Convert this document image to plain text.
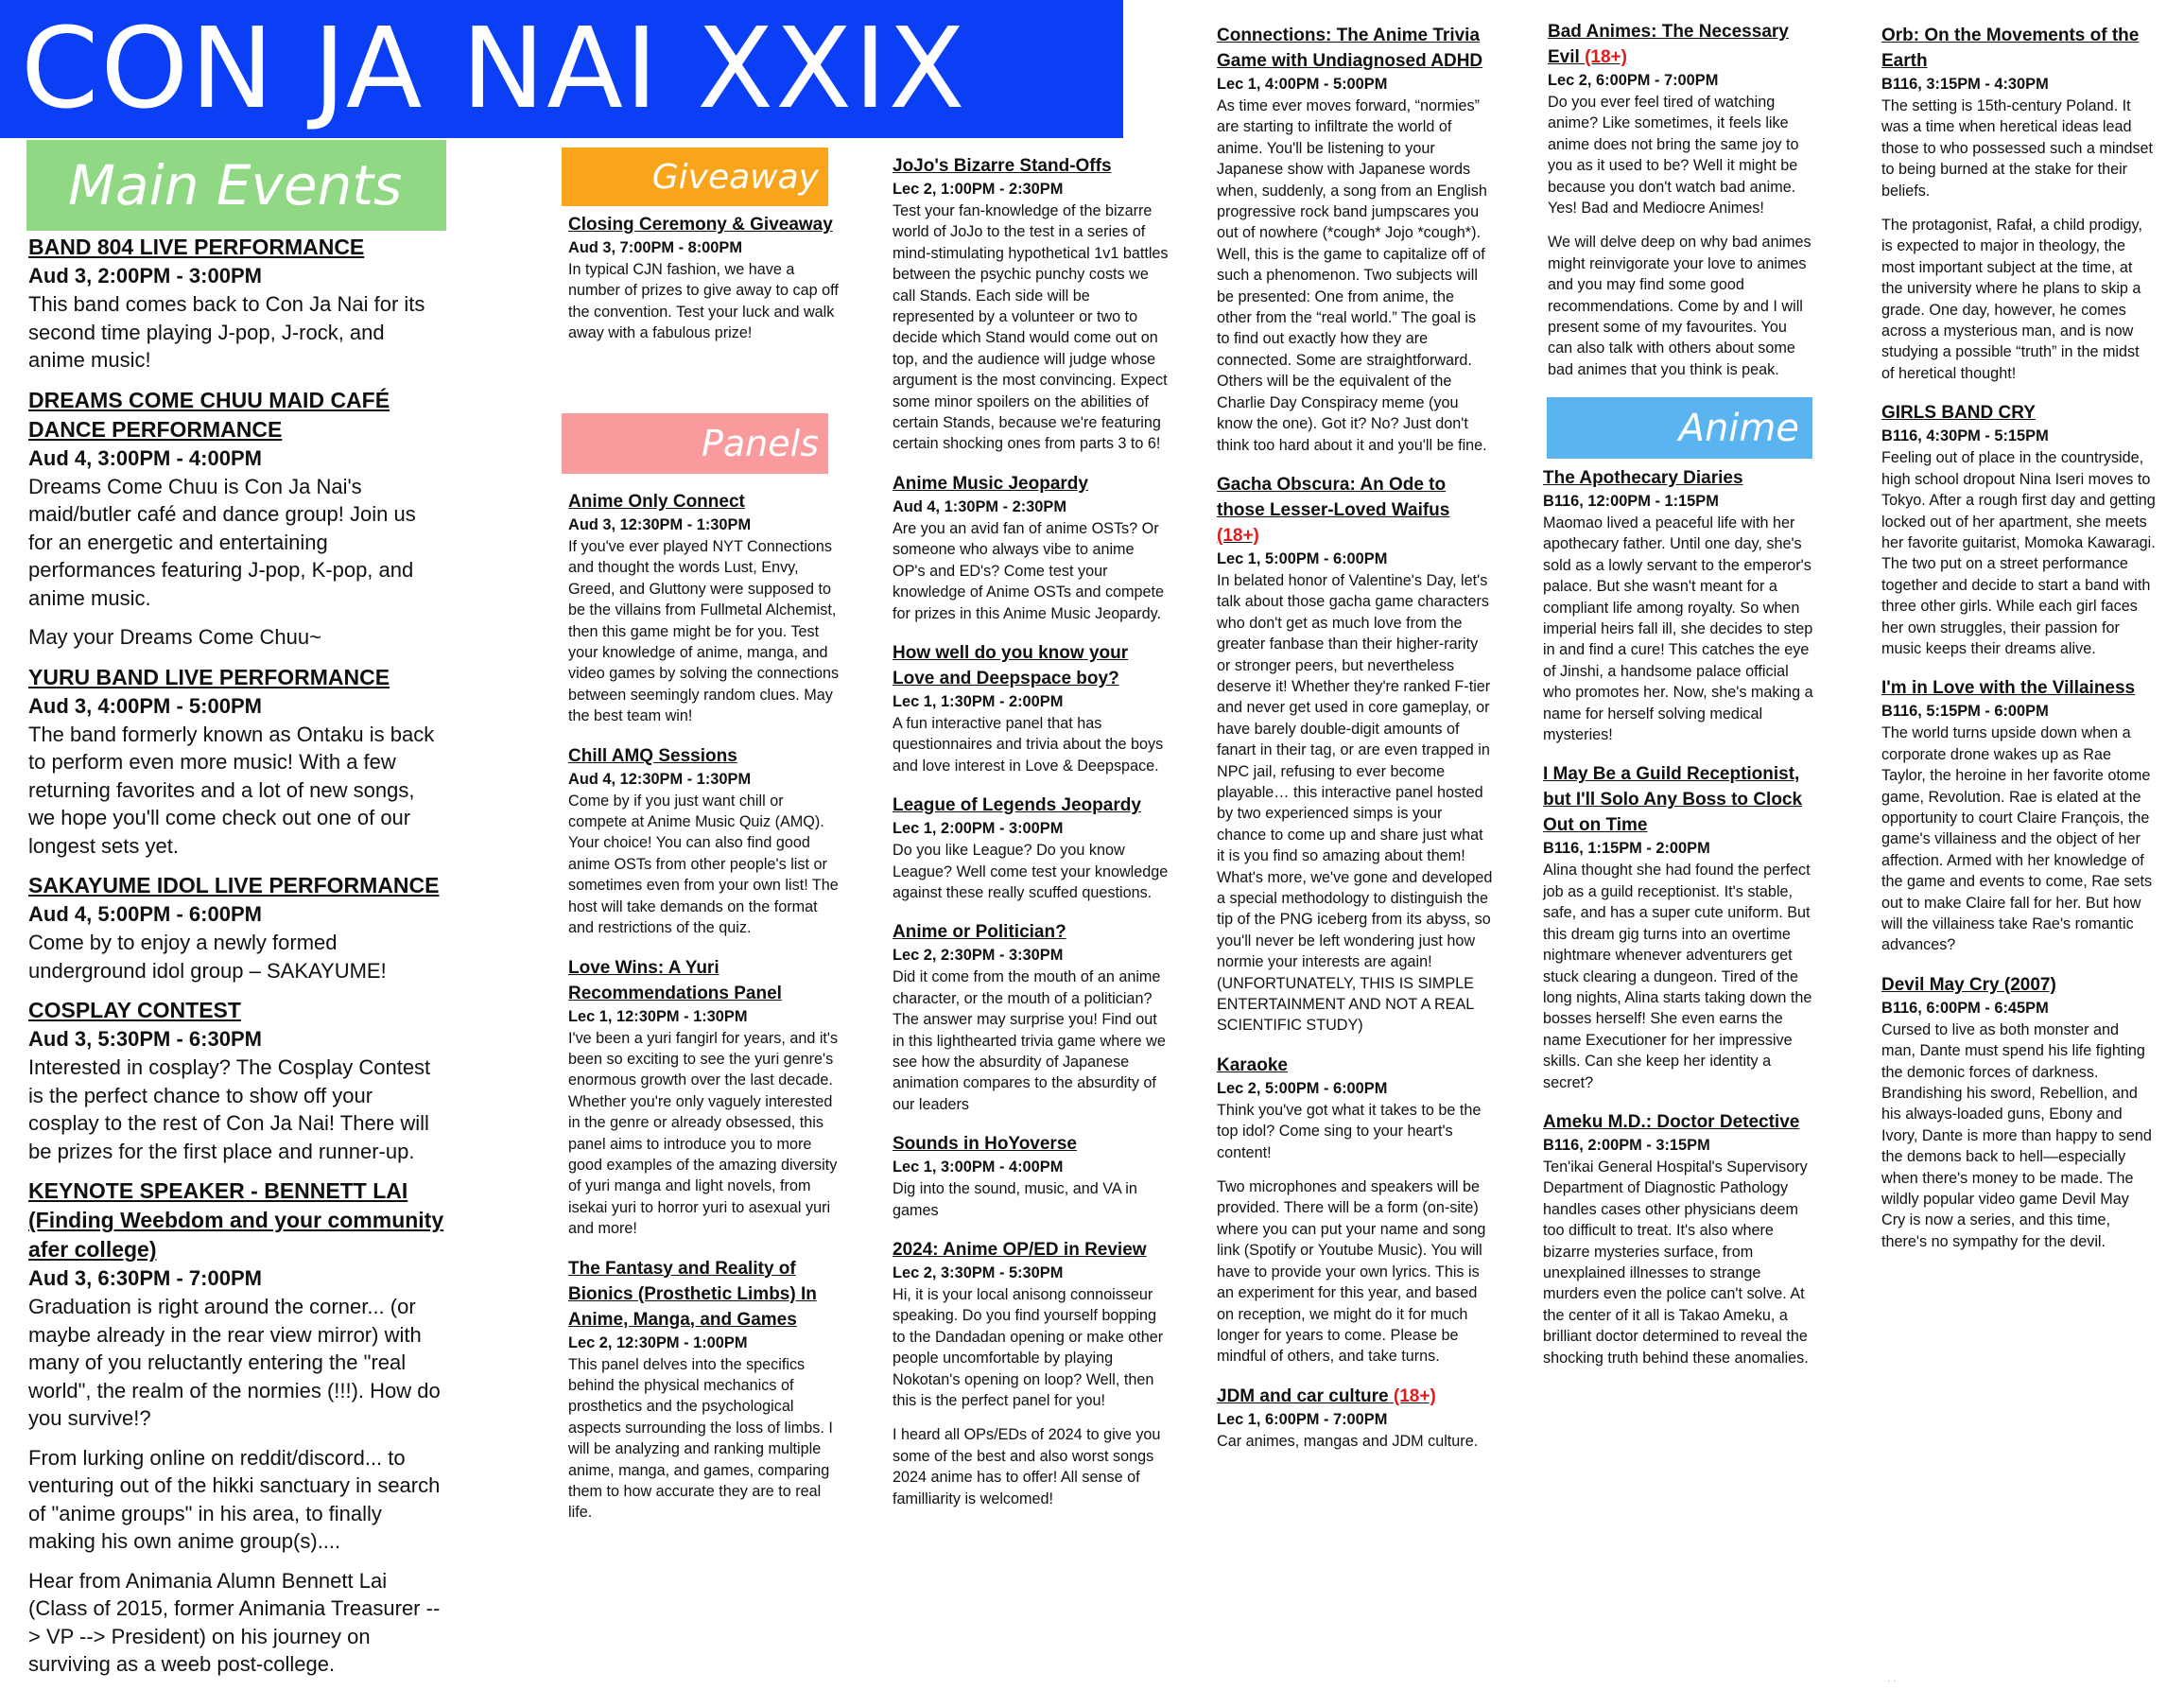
CON JA NAI XXIX
Main Events	Giveaway
Panels	Anime
BAND 804 LIVE PERFORMANCE
Aud 3, 2:00PM - 3:00PM

This band comes back to Con Ja Nai for its second time playing J-pop, J-rock, and anime music!

DREAMS COME CHUU MAID CAFÉ DANCE PERFORMANCE
Aud 4, 3:00PM - 4:00PM

Dreams Come Chuu is Con Ja Nai's maid/butler café and dance group! Join us for an energetic and entertaining performances featuring J-pop, K-pop, and anime music.

May your Dreams Come Chuu~

YURU BAND LIVE PERFORMANCE
Aud 3, 4:00PM - 5:00PM

The band formerly known as Ontaku is back to perform even more music! With a few returning favorites and a lot of new songs, we hope you'll come check out one of our longest sets yet.

SAKAYUME IDOL LIVE PERFORMANCE
Aud 4, 5:00PM - 6:00PM

Come by to enjoy a newly formed underground idol group – SAKAYUME!

COSPLAY CONTEST
Aud 3, 5:30PM - 6:30PM

Interested in cosplay? The Cosplay Contest is the perfect chance to show off your cosplay to the rest of Con Ja Nai! There will be prizes for the first place and runner-up.

KEYNOTE SPEAKER - BENNETT LAI (Finding Weebdom and your community afer college)
Aud 3, 6:30PM - 7:00PM

Graduation is right around the corner... (or maybe already in the rear view mirror) with many of you reluctantly entering the "real world", the realm of the normies (!!!). How do you survive!?

From lurking online on reddit/discord... to venturing out of the hikki sanctuary in search of "anime groups" in his area, to finally making his own anime group(s)....

Hear from Animania Alumn Bennett Lai (Class of 2015, former Animania Treasurer --> VP --> President) on his journey on surviving as a weeb post-college.

Closing Ceremony & Giveaway
Aud 3, 7:00PM - 8:00PM

In typical CJN fashion, we have a number of prizes to give away to cap off the convention. Test your luck and walk away with a fabulous prize!

Anime Only Connect
Aud 3, 12:30PM - 1:30PM

If you've ever played NYT Connections and thought the words Lust, Envy, Greed, and Gluttony were supposed to be the villains from Fullmetal Alchemist, then this game might be for you. Test your knowledge of anime, manga, and video games by solving the connections between seemingly random clues. May the best team win!

Chill AMQ Sessions
Aud 4, 12:30PM - 1:30PM

Come by if you just want chill or compete at Anime Music Quiz (AMQ). Your choice! You can also find good anime OSTs from other people's list or sometimes even from your own list! The host will take demands on the format and restrictions of the quiz.

Love Wins: A Yuri Recommendations Panel
Lec 1, 12:30PM - 1:30PM

I've been a yuri fangirl for years, and it's been so exciting to see the yuri genre's enormous growth over the last decade. Whether you're only vaguely interested in the genre or already obsessed, this panel aims to introduce you to more good examples of the amazing diversity of yuri manga and light novels, from isekai yuri to horror yuri to asexual yuri and more!

The Fantasy and Reality of Bionics (Prosthetic Limbs) In Anime, Manga, and Games
Lec 2, 12:30PM - 1:00PM

This panel delves into the specifics behind the physical mechanics of prosthetics and the psychological aspects surrounding the loss of limbs. I will be analyzing and ranking multiple anime, manga, and games, comparing them to how accurate they are to real life.

JoJo's Bizarre Stand-Offs
Lec 2, 1:00PM - 2:30PM

Test your fan-knowledge of the bizarre world of JoJo to the test in a series of mind-stimulating hypothetical 1v1 battles between the psychic punchy costs we call Stands. Each side will be represented by a volunteer or two to decide which Stand would come out on top, and the audience will judge whose argument is the most convincing. Expect some minor spoilers on the abilities of certain Stands, because we're featuring certain shocking ones from parts 3 to 6!

Anime Music Jeopardy
Aud 4, 1:30PM - 2:30PM

Are you an avid fan of anime OSTs? Or someone who always vibe to anime OP's and ED's? Come test your knowledge of Anime OSTs and compete for prizes in this Anime Music Jeopardy.

How well do you know your Love and Deepspace boy?
Lec 1, 1:30PM - 2:00PM

A fun interactive panel that has questionnaires and trivia about the boys and love interest in Love & Deepspace.

League of Legends Jeopardy
Lec 1, 2:00PM - 3:00PM

Do you like League? Do you know League? Well come test your knowledge against these really scuffed questions.

Anime or Politician?
Lec 2, 2:30PM - 3:30PM

Did it come from the mouth of an anime character, or the mouth of a politician? The answer may surprise you! Find out in this lighthearted trivia game where we see how the absurdity of Japanese animation compares to the absurdity of our leaders

Sounds in HoYoverse
Lec 1, 3:00PM - 4:00PM

Dig into the sound, music, and VA in games

2024: Anime OP/ED in Review
Lec 2, 3:30PM - 5:30PM

Hi, it is your local anisong connoisseur speaking. Do you find yourself bopping to the Dandadan opening or make other people uncomfortable by playing Nokotan's opening on loop? Well, then this is the perfect panel for you!

I heard all OPs/EDs of 2024 to give you some of the best and also worst songs 2024 anime has to offer! All sense of familliarity is welcomed!

Connections: The Anime Trivia Game with Undiagnosed ADHD
Lec 1, 4:00PM - 5:00PM

As time ever moves forward, “normies” are starting to infiltrate the world of anime. You'll be listening to your Japanese show with Japanese words when, suddenly, a song from an English progressive rock band jumpscares you out of nowhere (*cough* Jojo *cough*). Well, this is the game to capitalize off of such a phenomenon. Two subjects will be presented: One from anime, the other from the “real world.” The goal is to find out exactly how they are connected. Some are straightforward. Others will be the equivalent of the Charlie Day Conspiracy meme (you know the one). Got it? No? Just don't think too hard about it and you'll be fine.

Gacha Obscura: An Ode to those Lesser-Loved Waifus (18+)
Lec 1, 5:00PM - 6:00PM

In belated honor of Valentine's Day, let's talk about those gacha game characters who don't get as much love from the greater fanbase than their higher-rarity or stronger peers, but nevertheless deserve it! Whether they're ranked F-tier and never get used in core gameplay, or have barely double-digit amounts of fanart in their tag, or are even trapped in NPC jail, refusing to ever become playable… this interactive panel hosted by two experienced simps is your chance to come up and share just what it is you find so amazing about them! What's more, we've gone and developed a special methodology to distinguish the tip of the PNG iceberg from its abyss, so you'll never be left wondering just how normie your interests are again! (UNFORTUNATELY, THIS IS SIMPLE ENTERTAINMENT AND NOT A REAL SCIENTIFIC STUDY)

Karaoke
Lec 2, 5:00PM - 6:00PM

Think you've got what it takes to be the top idol? Come sing to your heart's content!

Two microphones and speakers will be provided. There will be a form (on-site) where you can put your name and song link (Spotify or Youtube Music). You will have to provide your own lyrics. This is an experiment for this year, and based on reception, we might do it for much longer for years to come. Please be mindful of others, and take turns.

JDM and car culture (18+)
Lec 1, 6:00PM - 7:00PM

Car animes, mangas and JDM culture.

Bad Animes: The Necessary Evil (18+)
Lec 2, 6:00PM - 7:00PM

Do you ever feel tired of watching anime? Like sometimes, it feels like anime does not bring the same joy to you as it used to be? Well it might be because you don't watch bad anime. Yes! Bad and Mediocre Animes!

We will delve deep on why bad animes might reinvigorate your love to animes and you may find some good recommendations. Come by and I will present some of my favourites. You can also talk with others about some bad animes that you think is peak.

The Apothecary Diaries
B116, 12:00PM - 1:15PM

Maomao lived a peaceful life with her apothecary father. Until one day, she's sold as a lowly servant to the emperor's palace. But she wasn't meant for a compliant life among royalty. So when imperial heirs fall ill, she decides to step in and find a cure! This catches the eye of Jinshi, a handsome palace official who promotes her. Now, she's making a name for herself solving medical mysteries!

I May Be a Guild Receptionist, but I'll Solo Any Boss to Clock Out on Time
B116, 1:15PM - 2:00PM

Alina thought she had found the perfect job as a guild receptionist. It's stable, safe, and has a super cute uniform. But this dream gig turns into an overtime nightmare whenever adventurers get stuck clearing a dungeon. Tired of the long nights, Alina starts taking down the bosses herself! She even earns the name Executioner for her impressive skills. Can she keep her identity a secret?

Ameku M.D.: Doctor Detective
B116, 2:00PM - 3:15PM

Ten'ikai General Hospital's Supervisory Department of Diagnostic Pathology handles cases other physicians deem too difficult to treat. It's also where bizarre mysteries surface, from unexplained illnesses to strange murders even the police can't solve. At the center of it all is Takao Ameku, a brilliant doctor determined to reveal the shocking truth behind these anomalies.

Orb: On the Movements of the Earth
B116, 3:15PM - 4:30PM

The setting is 15th-century Poland. It was a time when heretical ideas lead those to who possessed such a mindset to being burned at the stake for their beliefs.

The protagonist, Rafał, a child prodigy, is expected to major in theology, the most important subject at the time, at the university where he plans to skip a grade. One day, however, he comes across a mysterious man, and is now studying a possible “truth” in the midst of heretical thought!

GIRLS BAND CRY
B116, 4:30PM - 5:15PM

Feeling out of place in the countryside, high school dropout Nina Iseri moves to Tokyo. After a rough first day and getting locked out of her apartment, she meets her favorite guitarist, Momoka Kawaragi. The two put on a street performance together and decide to start a band with three other girls. While each girl faces her own struggles, their passion for music keeps their dreams alive.

I'm in Love with the Villainess
B116, 5:15PM - 6:00PM

The world turns upside down when a corporate drone wakes up as Rae Taylor, the heroine in her favorite otome game, Revolution. Rae is elated at the opportunity to court Claire François, the game's villainess and the object of her affection. Armed with her knowledge of the game and events to come, Rae sets out to make Claire fall for her. But how will the villainess take Rae's romantic advances?

Devil May Cry (2007)
B116, 6:00PM - 6:45PM

Cursed to live as both monster and man, Dante must spend his life fighting the demonic forces of darkness. Brandishing his sword, Rebellion, and his always-loaded guns, Ebony and Ivory, Dante is more than happy to send the demons back to hell—especially when there's money to be made. The wildly popular video game Devil May Cry is now a series, and this time, there's no sympathy for the devil.

· ·
